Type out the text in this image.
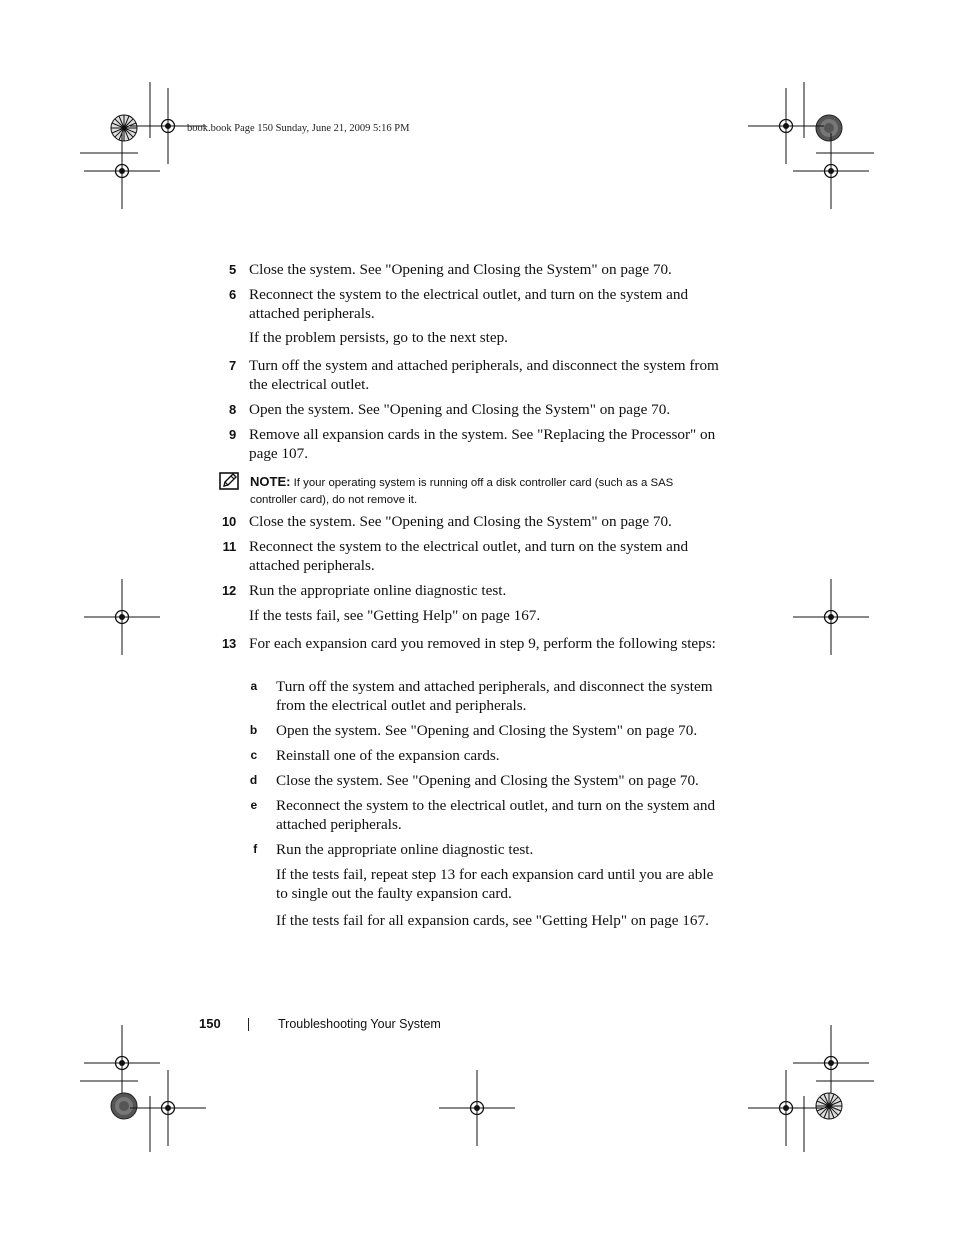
book.book Page 150 Sunday, June 21, 2009 5:16 PM
5 Close the system. See "Opening and Closing the System" on page 70.
6 Reconnect the system to the electrical outlet, and turn on the system and attached peripherals.
If the problem persists, go to the next step.
7 Turn off the system and attached peripherals, and disconnect the system from the electrical outlet.
8 Open the system. See "Opening and Closing the System" on page 70.
9 Remove all expansion cards in the system. See "Replacing the Processor" on page 107.
NOTE: If your operating system is running off a disk controller card (such as a SAS controller card), do not remove it.
10 Close the system. See "Opening and Closing the System" on page 70.
11 Reconnect the system to the electrical outlet, and turn on the system and attached peripherals.
12 Run the appropriate online diagnostic test.
If the tests fail, see "Getting Help" on page 167.
13 For each expansion card you removed in step 9, perform the following steps:
a Turn off the system and attached peripherals, and disconnect the system from the electrical outlet and peripherals.
b Open the system. See "Opening and Closing the System" on page 70.
c Reinstall one of the expansion cards.
d Close the system. See "Opening and Closing the System" on page 70.
e Reconnect the system to the electrical outlet, and turn on the system and attached peripherals.
f Run the appropriate online diagnostic test.
If the tests fail, repeat step 13 for each expansion card until you are able to single out the faulty expansion card.
If the tests fail for all expansion cards, see "Getting Help" on page 167.
150	Troubleshooting Your System
